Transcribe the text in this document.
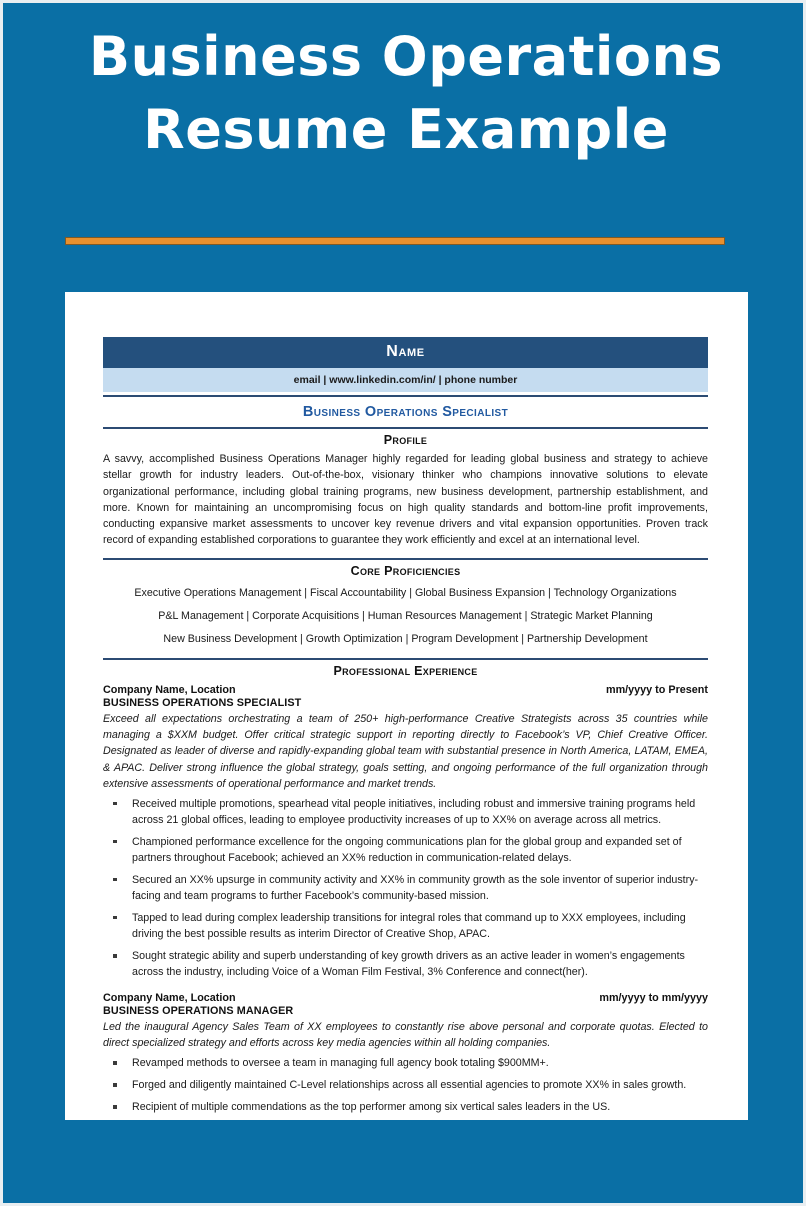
Business Operations
Resume Example
Name
email | www.linkedin.com/in/ | phone number
Business Operations Specialist
Profile
A savvy, accomplished Business Operations Manager highly regarded for leading global business and strategy to achieve stellar growth for industry leaders. Out-of-the-box, visionary thinker who champions innovative solutions to elevate organizational performance, including global training programs, new business development, partnership establishment, and more. Known for maintaining an uncompromising focus on high quality standards and bottom-line profit improvements, conducting expansive market assessments to uncover key revenue drivers and vital expansion opportunities. Proven track record of expanding established corporations to guarantee they work efficiently and excel at an international level.
Core Proficiencies
Executive Operations Management | Fiscal Accountability | Global Business Expansion | Technology Organizations
P&L Management | Corporate Acquisitions | Human Resources Management | Strategic Market Planning
New Business Development | Growth Optimization | Program Development | Partnership Development
Professional Experience
Company Name, Location	mm/yyyy to Present
BUSINESS OPERATIONS SPECIALIST
Exceed all expectations orchestrating a team of 250+ high-performance Creative Strategists across 35 countries while managing a $XXM budget. Offer critical strategic support in reporting directly to Facebook’s VP, Chief Creative Officer. Designated as leader of diverse and rapidly-expanding global team with substantial presence in North America, LATAM, EMEA, & APAC. Deliver strong influence the global strategy, goals setting, and ongoing performance of the full organization through extensive assessments of operational performance and market trends.
Received multiple promotions, spearhead vital people initiatives, including robust and immersive training programs held across 21 global offices, leading to employee productivity increases of up to XX% on average across all metrics.
Championed performance excellence for the ongoing communications plan for the global group and expanded set of partners throughout Facebook; achieved an XX% reduction in communication-related delays.
Secured an XX% upsurge in community activity and XX% in community growth as the sole inventor of superior industry-facing and team programs to further Facebook’s community-based mission.
Tapped to lead during complex leadership transitions for integral roles that command up to XXX employees, including driving the best possible results as interim Director of Creative Shop, APAC.
Sought strategic ability and superb understanding of key growth drivers as an active leader in women’s engagements across the industry, including Voice of a Woman Film Festival, 3% Conference and connect(her).
Company Name, Location	mm/yyyy to mm/yyyy
BUSINESS OPERATIONS MANAGER
Led the inaugural Agency Sales Team of XX employees to constantly rise above personal and corporate quotas. Elected to direct specialized strategy and efforts across key media agencies within all holding companies.
Revamped methods to oversee a team in managing full agency book totaling $900MM+.
Forged and diligently maintained C-Level relationships across all essential agencies to promote XX% in sales growth.
Recipient of multiple commendations as the top performer among six vertical sales leaders in the US.
